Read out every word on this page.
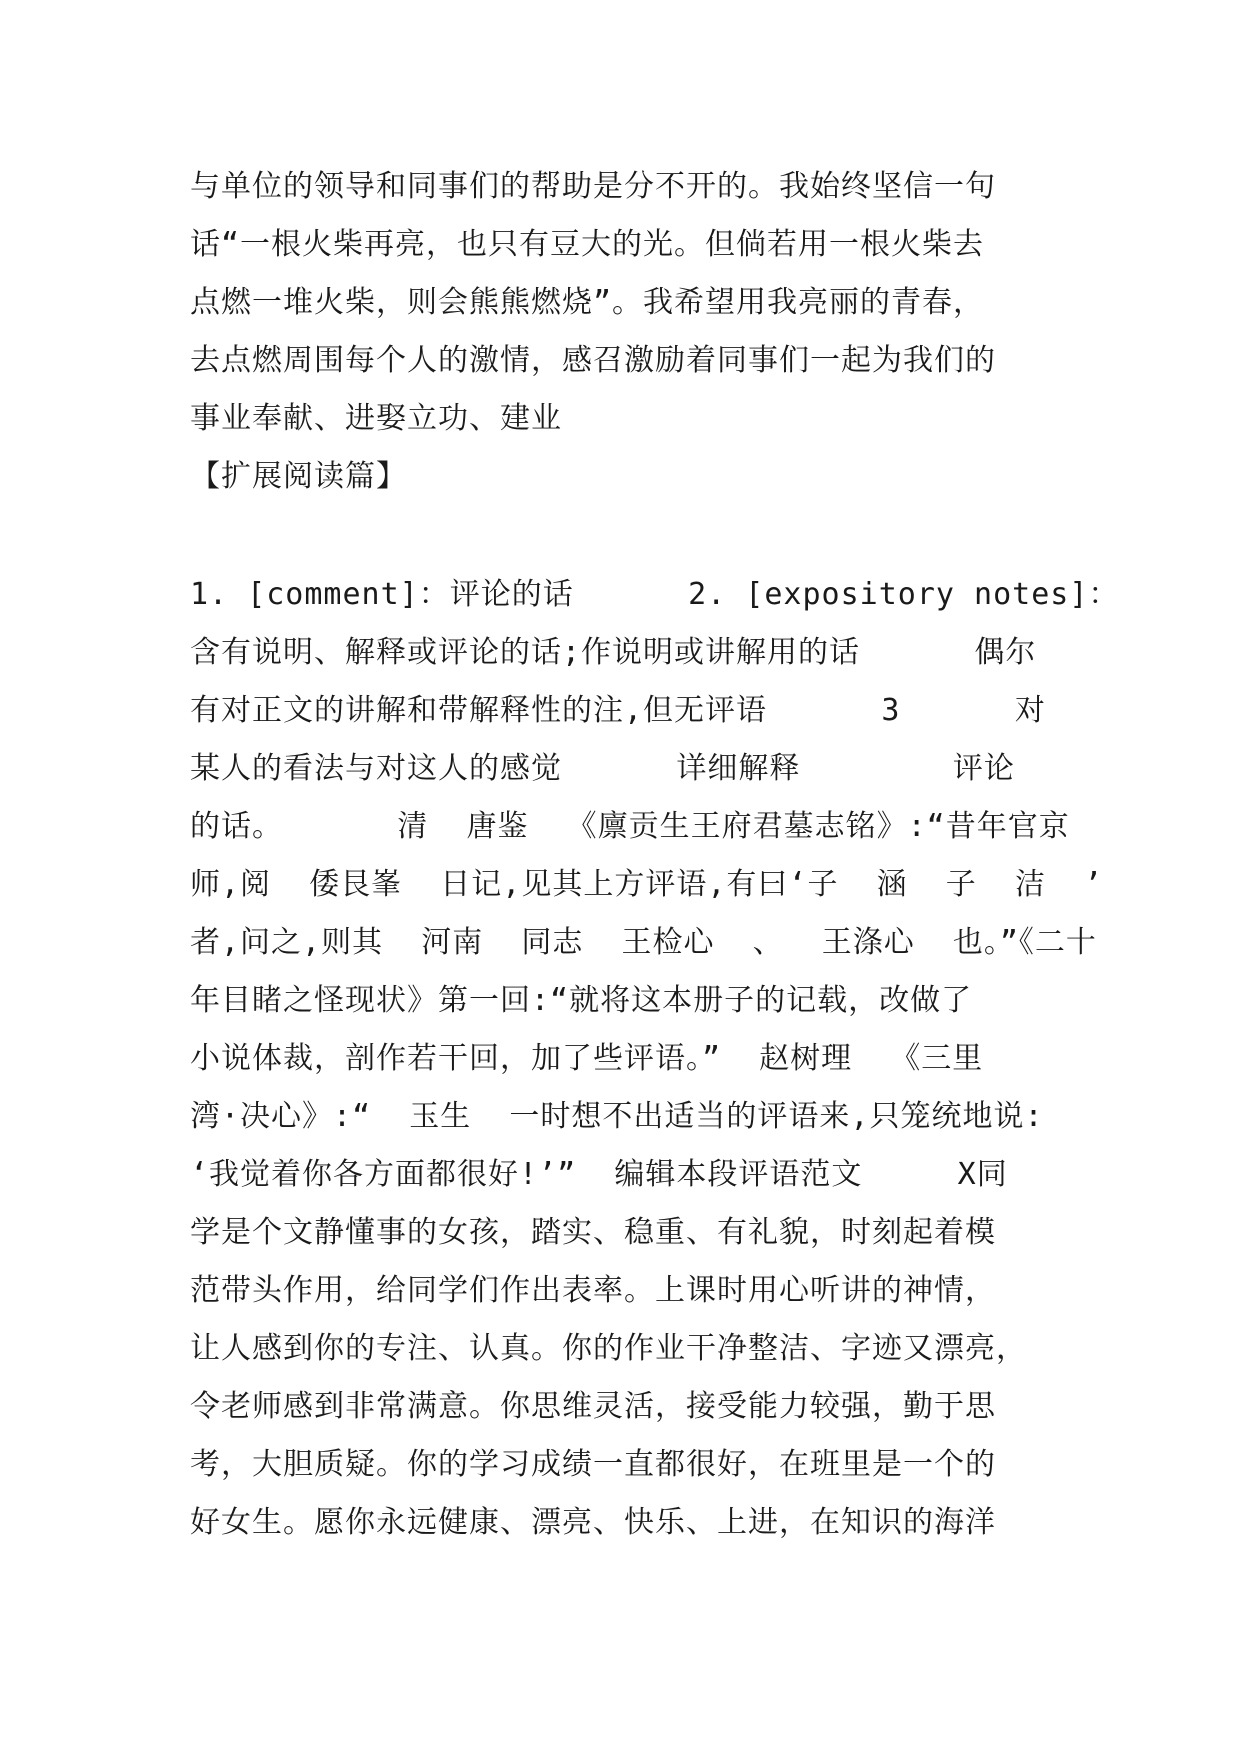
与单位的领导和同事们的帮助是分不开的。我始终坚信一句
话“一根火柴再亮，也只有豆大的光。但倘若用一根火柴去
点燃一堆火柴，则会熊熊燃烧”。我希望用我亮丽的青春，
去点燃周围每个人的激情，感召激励着同事们一起为我们的
事业奉献、进娶立功、建业
【扩展阅读篇】
1. [comment]：评论的话      2. [expository notes]：
含有说明、解释或评论的话;作说明或讲解用的话      偶尔
有对正文的讲解和带解释性的注,但无评语      3      对
某人的看法与对这人的感觉      详细解释        评论
的话。      清  唐鉴  《廪贡生王府君墓志铭》:“昔年官京
师,阅  倭艮峯  日记,见其上方评语,有曰‘子  涵  子  洁  ’
者,问之,则其  河南  同志  王检心  、  王涤心  也。”《二十
年目睹之怪现状》第一回:“就将这本册子的记载，改做了
小说体裁，剖作若干回，加了些评语。”  赵树理  《三里
湾·决心》:“  玉生  一时想不出适当的评语来,只笼统地说:
‘我觉着你各方面都很好!’”  编辑本段评语范文     X同
学是个文静懂事的女孩，踏实、稳重、有礼貌，时刻起着模
范带头作用，给同学们作出表率。上课时用心听讲的神情，
让人感到你的专注、认真。你的作业干净整洁、字迹又漂亮，
令老师感到非常满意。你思维灵活，接受能力较强，勤于思
考，大胆质疑。你的学习成绩一直都很好，在班里是一个的
好女生。愿你永远健康、漂亮、快乐、上进，在知识的海洋
